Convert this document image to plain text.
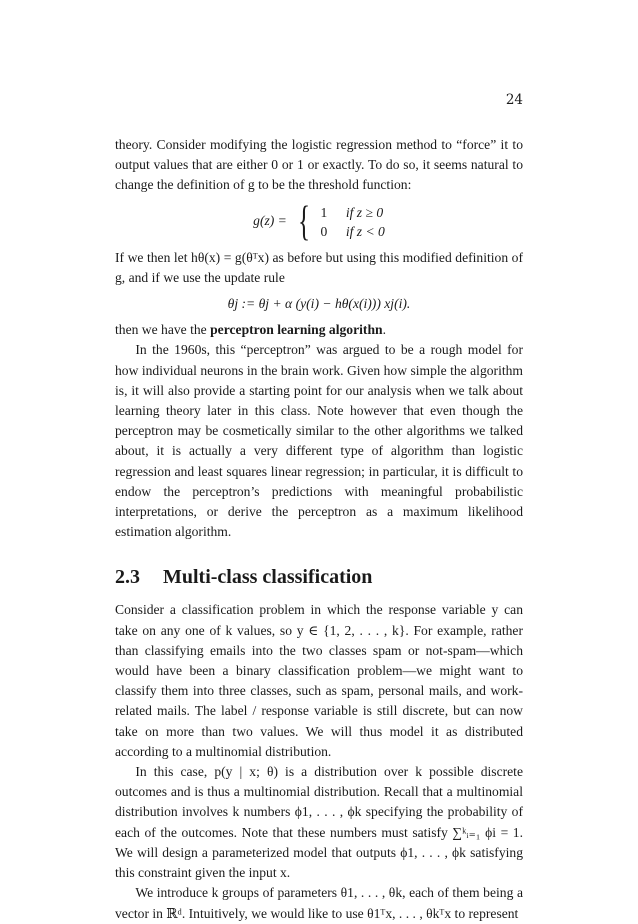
24

theory. Consider modifying the logistic regression method to “force” it to output values that are either 0 or 1 or exactly. To do so, it seems natural to change the definition of g to be the threshold function:

g(z) = { 1 if z ≥ 0
0 if z < 0

If we then let hθ(x) = g(θᵀx) as before but using this modified definition of g, and if we use the update rule

θj := θj + α (y(i) − hθ(x(i))) xj(i).

then we have the perceptron learning algorithn.

In the 1960s, this “perceptron” was argued to be a rough model for how individual neurons in the brain work. Given how simple the algorithm is, it will also provide a starting point for our analysis when we talk about learning theory later in this class. Note however that even though the perceptron may be cosmetically similar to the other algorithms we talked about, it is actually a very different type of algorithm than logistic regression and least squares linear regression; in particular, it is difficult to endow the perceptron’s predictions with meaningful probabilistic interpretations, or derive the perceptron as a maximum likelihood estimation algorithm.

2.3 Multi-class classification

Consider a classification problem in which the response variable y can take on any one of k values, so y ∈ {1, 2, . . . , k}. For example, rather than classifying emails into the two classes spam or not-spam—which would have been a binary classification problem—we might want to classify them into three classes, such as spam, personal mails, and work-related mails. The label / response variable is still discrete, but can now take on more than two values. We will thus model it as distributed according to a multinomial distribution.

In this case, p(y | x; θ) is a distribution over k possible discrete outcomes and is thus a multinomial distribution. Recall that a multinomial distribution involves k numbers ϕ1, . . . , ϕk specifying the probability of each of the outcomes. Note that these numbers must satisfy ∑ᵏᵢ₌₁ ϕi = 1. We will design a parameterized model that outputs ϕ1, . . . , ϕk satisfying this constraint given the input x.

We introduce k groups of parameters θ1, . . . , θk, each of them being a vector in ℝᵈ. Intuitively, we would like to use θ1ᵀx, . . . , θkᵀx to represent
